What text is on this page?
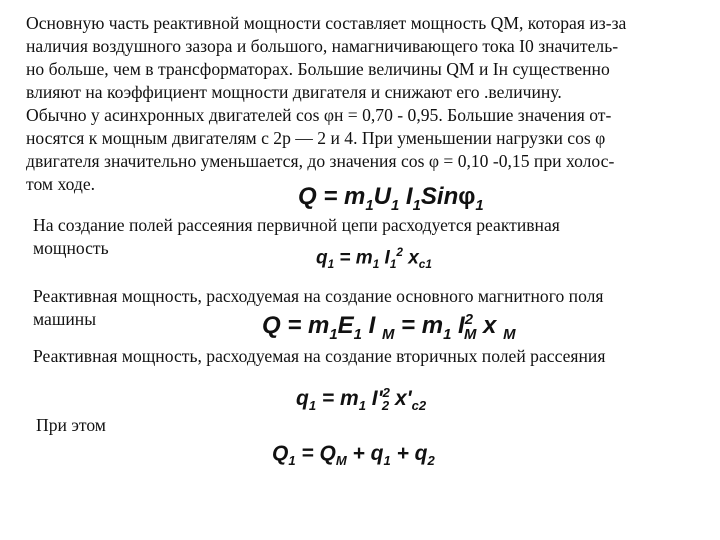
Основную часть реактивной мощности составляет мощность QM, которая из-за
наличия воздушного зазора и большого, намагничивающего тока I0 значитель-
но больше, чем в трансформаторах. Большие величины QM и Iн существенно
влияют на коэффициент мощности двигателя и снижают его .величину.
Обычно у асинхронных двигателей cos φн = 0,70 - 0,95. Большие значения от-
носятся к мощным двигателям с 2p — 2 и 4. При уменьшении нагрузки cos φ
двигателя значительно уменьшается, до значения cos φ = 0,10 -0,15 при холос-
том ходе.	$Q = m_1U_1$ $I_1Sin\varphi_1$
На создание полей рассеяния первичной цепи расходуется реактивная
мощность	$q_1 = m_1$ $I_1^2$ $x_{c1}$
Реактивная мощность, расходуемая на создание основного магнитного поля
машины	$Q = m_1E_1$ I $_M = m_1$ $I^2_M$ x $_M$
Реактивная мощность, расходуемая на создание вторичных полей рассеяния
$q_1 = m_1$ $I'^2_2$ $x'_{c2}$
При этом
$Q_1 = Q_M + q_1 + q_2$
